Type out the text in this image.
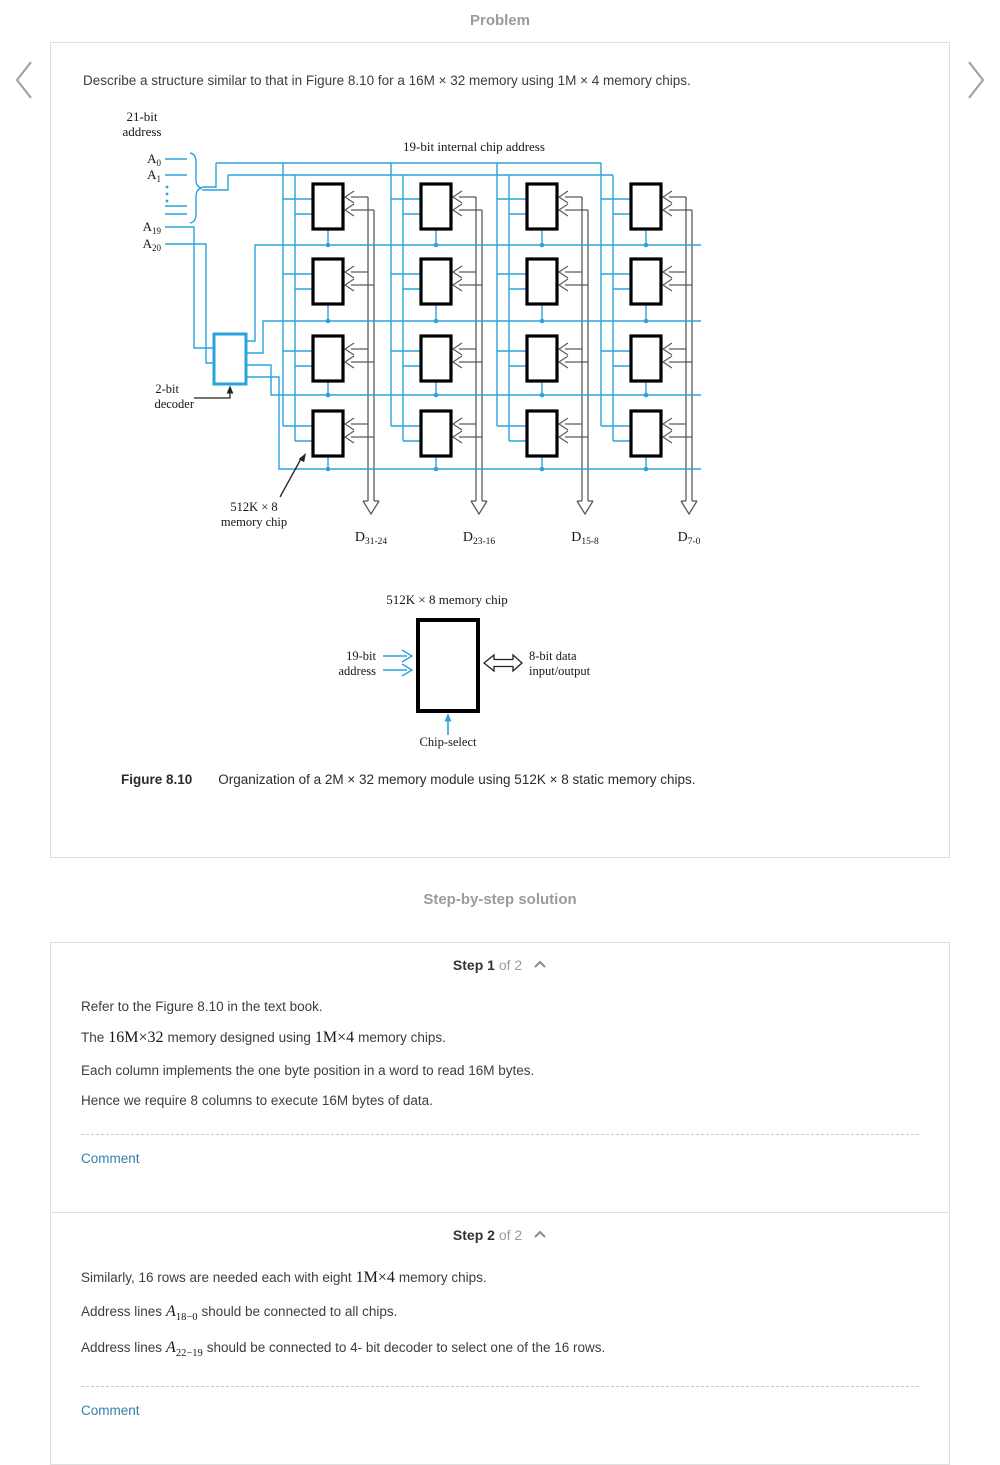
Problem
Describe a structure similar to that in Figure 8.10 for a 16M × 32 memory using 1M × 4 memory chips.
21-bit
address
19-bit internal chip address
$A_0$
$A_1$
$A_{19}$
$A_{20}$
2-bit
decoder
512K × 8
memory chip
$D_{31-24}$	$D_{23-16}$	$D_{15-8}$	$D_{7-0}$
512K × 8 memory chip
19-bit
address
8-bit data
input/output
Chip-select
Figure 8.10 Organization of a 2M × 32 memory module using 512K × 8 static memory chips.
Step-by-step solution
Step 1 of 2

Refer to the Figure 8.10 in the text book.

The 16M×32 memory designed using 1M×4 memory chips.

Each column implements the one byte position in a word to read 16M bytes.

Hence we require 8 columns to execute 16M bytes of data.

Comment
Step 2 of 2

Similarly, 16 rows are needed each with eight 1M×4 memory chips.

Address lines $A_{18-0}$ should be connected to all chips.

Address lines $A_{22-19}$ should be connected to 4- bit decoder to select one of the 16 rows.

Comment
